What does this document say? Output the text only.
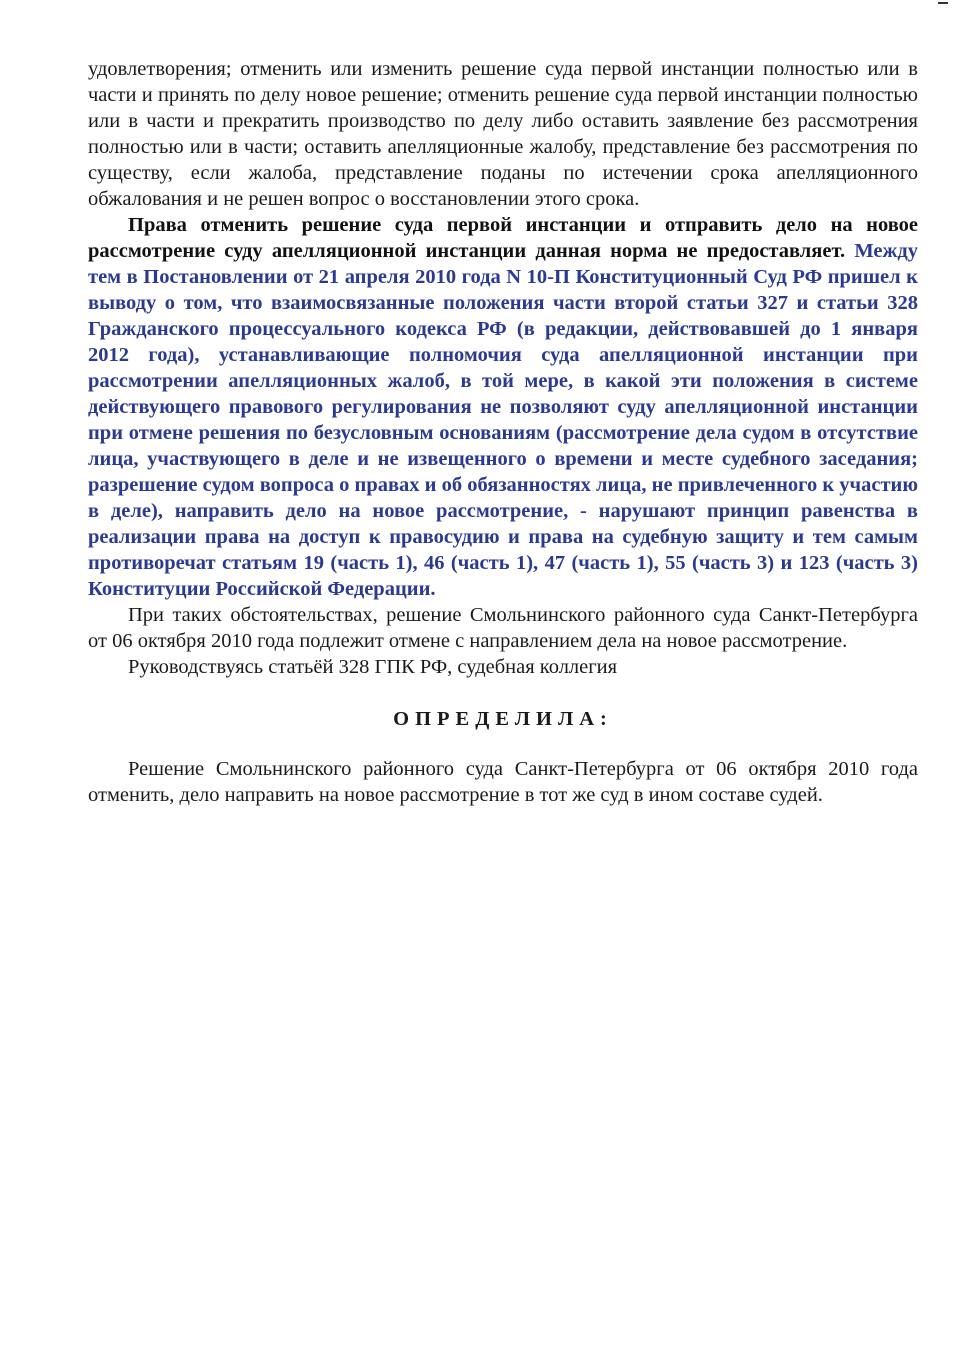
удовлетворения; отменить или изменить решение суда первой инстанции полностью или в части и принять по делу новое решение; отменить решение суда первой инстанции полностью или в части и прекратить производство по делу либо оставить заявление без рассмотрения полностью или в части; оставить апелляционные жалобу, представление без рассмотрения по существу, если жалоба, представление поданы по истечении срока апелляционного обжалования и не решен вопрос о восстановлении этого срока.

Права отменить решение суда первой инстанции и отправить дело на новое рассмотрение суду апелляционной инстанции данная норма не предоставляет. Между тем в Постановлении от 21 апреля 2010 года N 10-П Конституционный Суд РФ пришел к выводу о том, что взаимосвязанные положения части второй статьи 327 и статьи 328 Гражданского процессуального кодекса РФ (в редакции, действовавшей до 1 января 2012 года), устанавливающие полномочия суда апелляционной инстанции при рассмотрении апелляционных жалоб, в той мере, в какой эти положения в системе действующего правового регулирования не позволяют суду апелляционной инстанции при отмене решения по безусловным основаниям (рассмотрение дела судом в отсутствие лица, участвующего в деле и не извещенного о времени и месте судебного заседания; разрешение судом вопроса о правах и об обязанностях лица, не привлеченного к участию в деле), направить дело на новое рассмотрение, - нарушают принцип равенства в реализации права на доступ к правосудию и права на судебную защиту и тем самым противоречат статьям 19 (часть 1), 46 (часть 1), 47 (часть 1), 55 (часть 3) и 123 (часть 3) Конституции Российской Федерации.

При таких обстоятельствах, решение Смольнинского районного суда Санкт-Петербурга от 06 октября 2010 года подлежит отмене с направлением дела на новое рассмотрение.

Руководствуясь статьёй 328 ГПК РФ, судебная коллегия

ОПРЕДЕЛИЛА:

Решение Смольнинского районного суда Санкт-Петербурга от 06 октября 2010 года отменить, дело направить на новое рассмотрение в тот же суд в ином составе судей.
